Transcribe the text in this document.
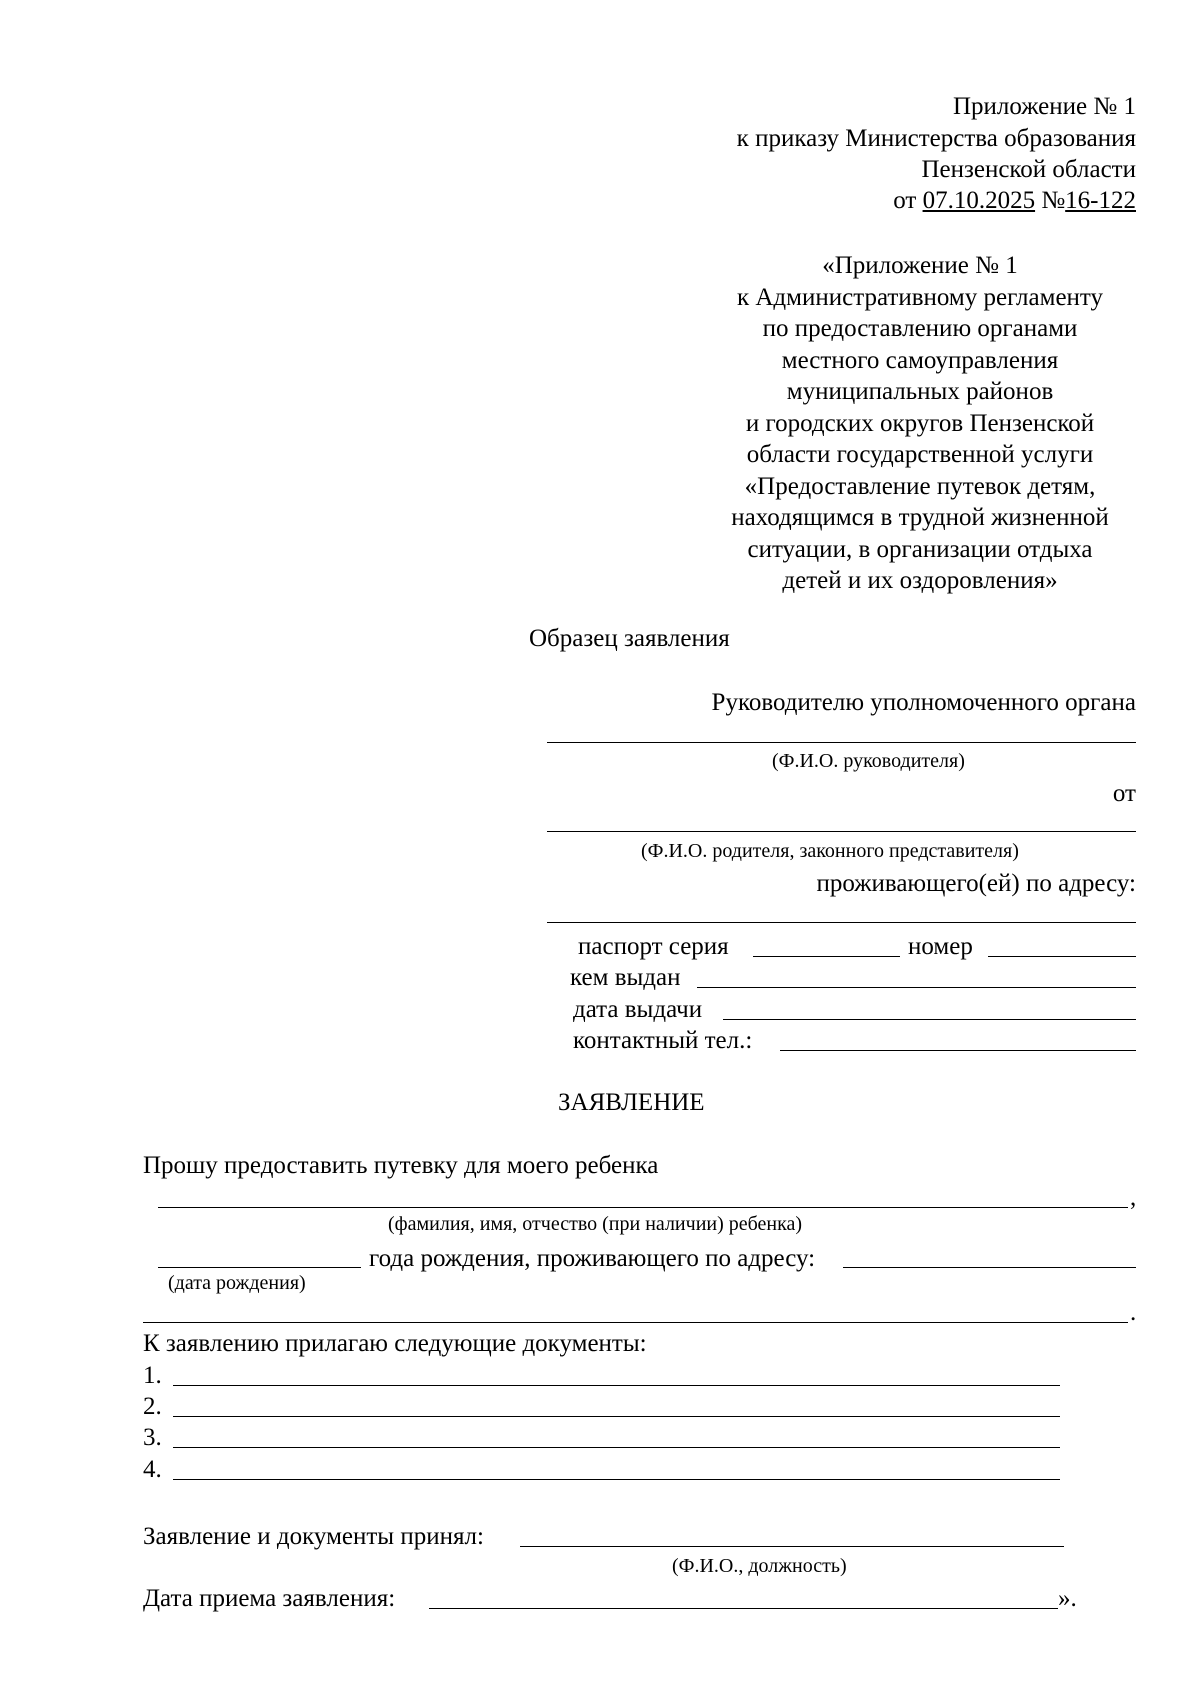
Приложение № 1
к приказу Министерства образования
Пензенской области
от 07.10.2025 №16-122
«Приложение № 1
к Административному регламенту
по предоставлению органами
местного самоуправления
муниципальных районов
и городских округов Пензенской
области государственной услуги
«Предоставление путевок детям,
находящимся в трудной жизненной
ситуации, в организации отдыха
детей и их оздоровления»
Образец заявления
Руководителю уполномоченного органа
(Ф.И.О. руководителя)
от
(Ф.И.О. родителя, законного представителя)
проживающего(ей) по адресу:
паспорт серия	номер
кем выдан
дата выдачи
контактный тел.:
ЗАЯВЛЕНИЕ
Прошу предоставить путевку для моего ребенка
,
(фамилия, имя, отчество (при наличии) ребенка)
года рождения, проживающего по адресу:
(дата рождения)
.
К заявлению прилагаю следующие документы:
1.
2.
3.
4.
Заявление и документы принял:
(Ф.И.О., должность)
Дата приема заявления:	».
